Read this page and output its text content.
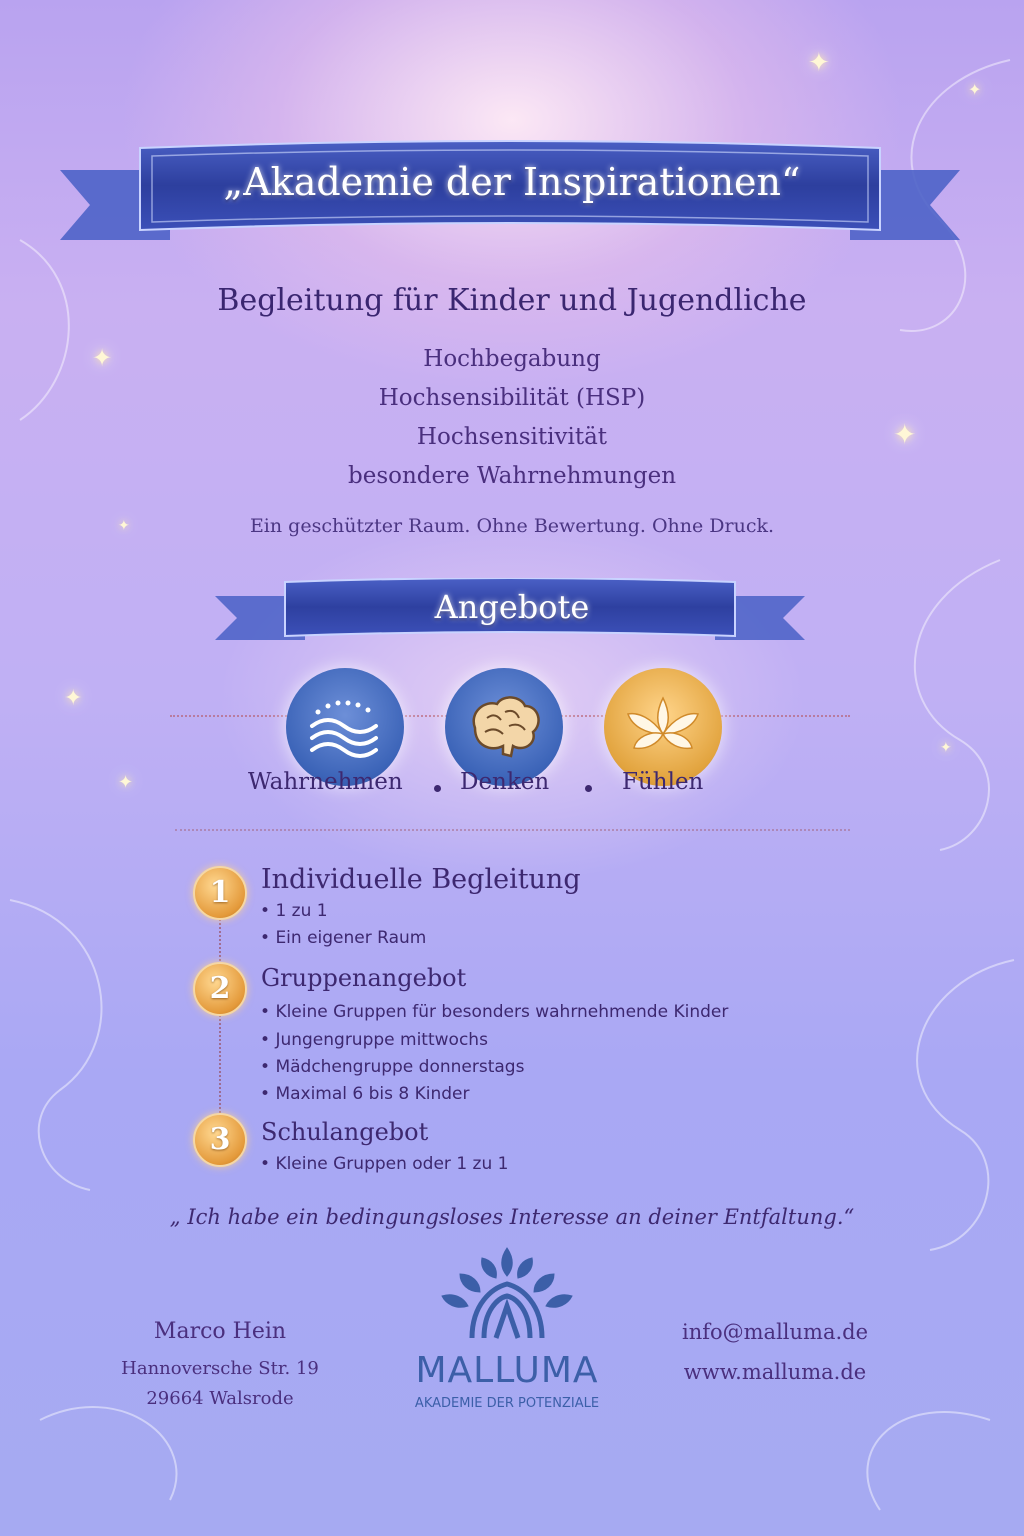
✦
✦
✦
✦
✦
✦
✦
✦
„Akademie der Inspirationen“
Begleitung für Kinder und Jugendliche
Hochbegabung
Hochsensibilität (HSP)
Hochsensitivität
besondere Wahrnehmungen
Ein geschützter Raum. Ohne Bewertung. Ohne Druck.
Angebote
Wahrnehmen Denken	Fühlen
1	Individuelle Begleitung
• 1 zu 1
• Ein eigener Raum
2	Gruppenangebot
• Kleine Gruppen für besonders wahrnehmende Kinder
• Jungengruppe mittwochs
• Mädchengruppe donnerstags
• Maximal 6 bis 8 Kinder
3	Schulangebot
• Kleine Gruppen oder 1 zu 1
„ Ich habe ein bedingungsloses Interesse an deiner Entfaltung.“
MALLUMA
AKADEMIE DER POTENZIALE
Marco Hein
Hannoversche Str. 19
29664 Walsrode
info@malluma.de
www.malluma.de
